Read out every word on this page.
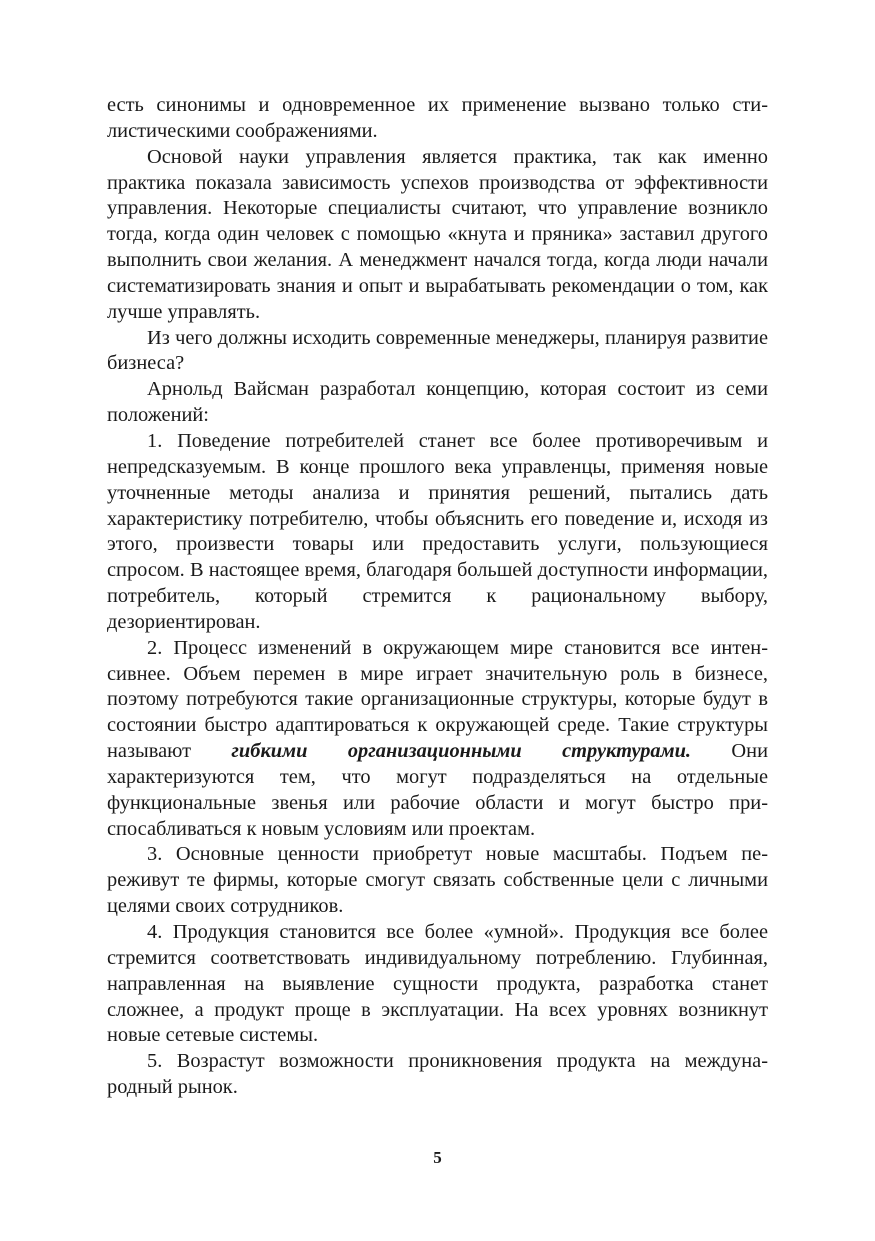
есть синонимы и одновременное их применение вызвано только стилистическими соображениями.

Основой науки управления является практика, так как именно практика показала зависимость успехов производства от эффективности управления. Некоторые специалисты считают, что управление возникло тогда, когда один человек с помощью «кнута и пряника» заставил другого выполнить свои желания. А менеджмент начался тогда, когда люди начали систематизировать знания и опыт и вырабатывать рекомендации о том, как лучше управлять.

Из чего должны исходить современные менеджеры, планируя развитие бизнеса?

Арнольд Вайсман разработал концепцию, которая состоит из семи положений:

1. Поведение потребителей станет все более противоречивым и непредсказуемым. В конце прошлого века управленцы, применяя новые уточненные методы анализа и принятия решений, пытались дать характеристику потребителю, чтобы объяснить его поведение и, исходя из этого, произвести товары или предоставить услуги, пользующиеся спросом. В настоящее время, благодаря большей доступности информации, потребитель, который стремится к рациональному выбору, дезориентирован.

2. Процесс изменений в окружающем мире становится все интенсивнее. Объем перемен в мире играет значительную роль в бизнесе, поэтому потребуются такие организационные структуры, которые будут в состоянии быстро адаптироваться к окружающей среде. Такие структуры называют гибкими организационными структурами. Они характеризуются тем, что могут подразделяться на отдельные функциональные звенья или рабочие области и могут быстро приспосабливаться к новым условиям или проектам.

3. Основные ценности приобретут новые масштабы. Подъем переживут те фирмы, которые смогут связать собственные цели с личными целями своих сотрудников.

4. Продукция становится все более «умной». Продукция все более стремится соответствовать индивидуальному потреблению. Глубинная, направленная на выявление сущности продукта, разработка станет сложнее, а продукт проще в эксплуатации. На всех уровнях возникнут новые сетевые системы.

5. Возрастут возможности проникновения продукта на международный рынок.

5
